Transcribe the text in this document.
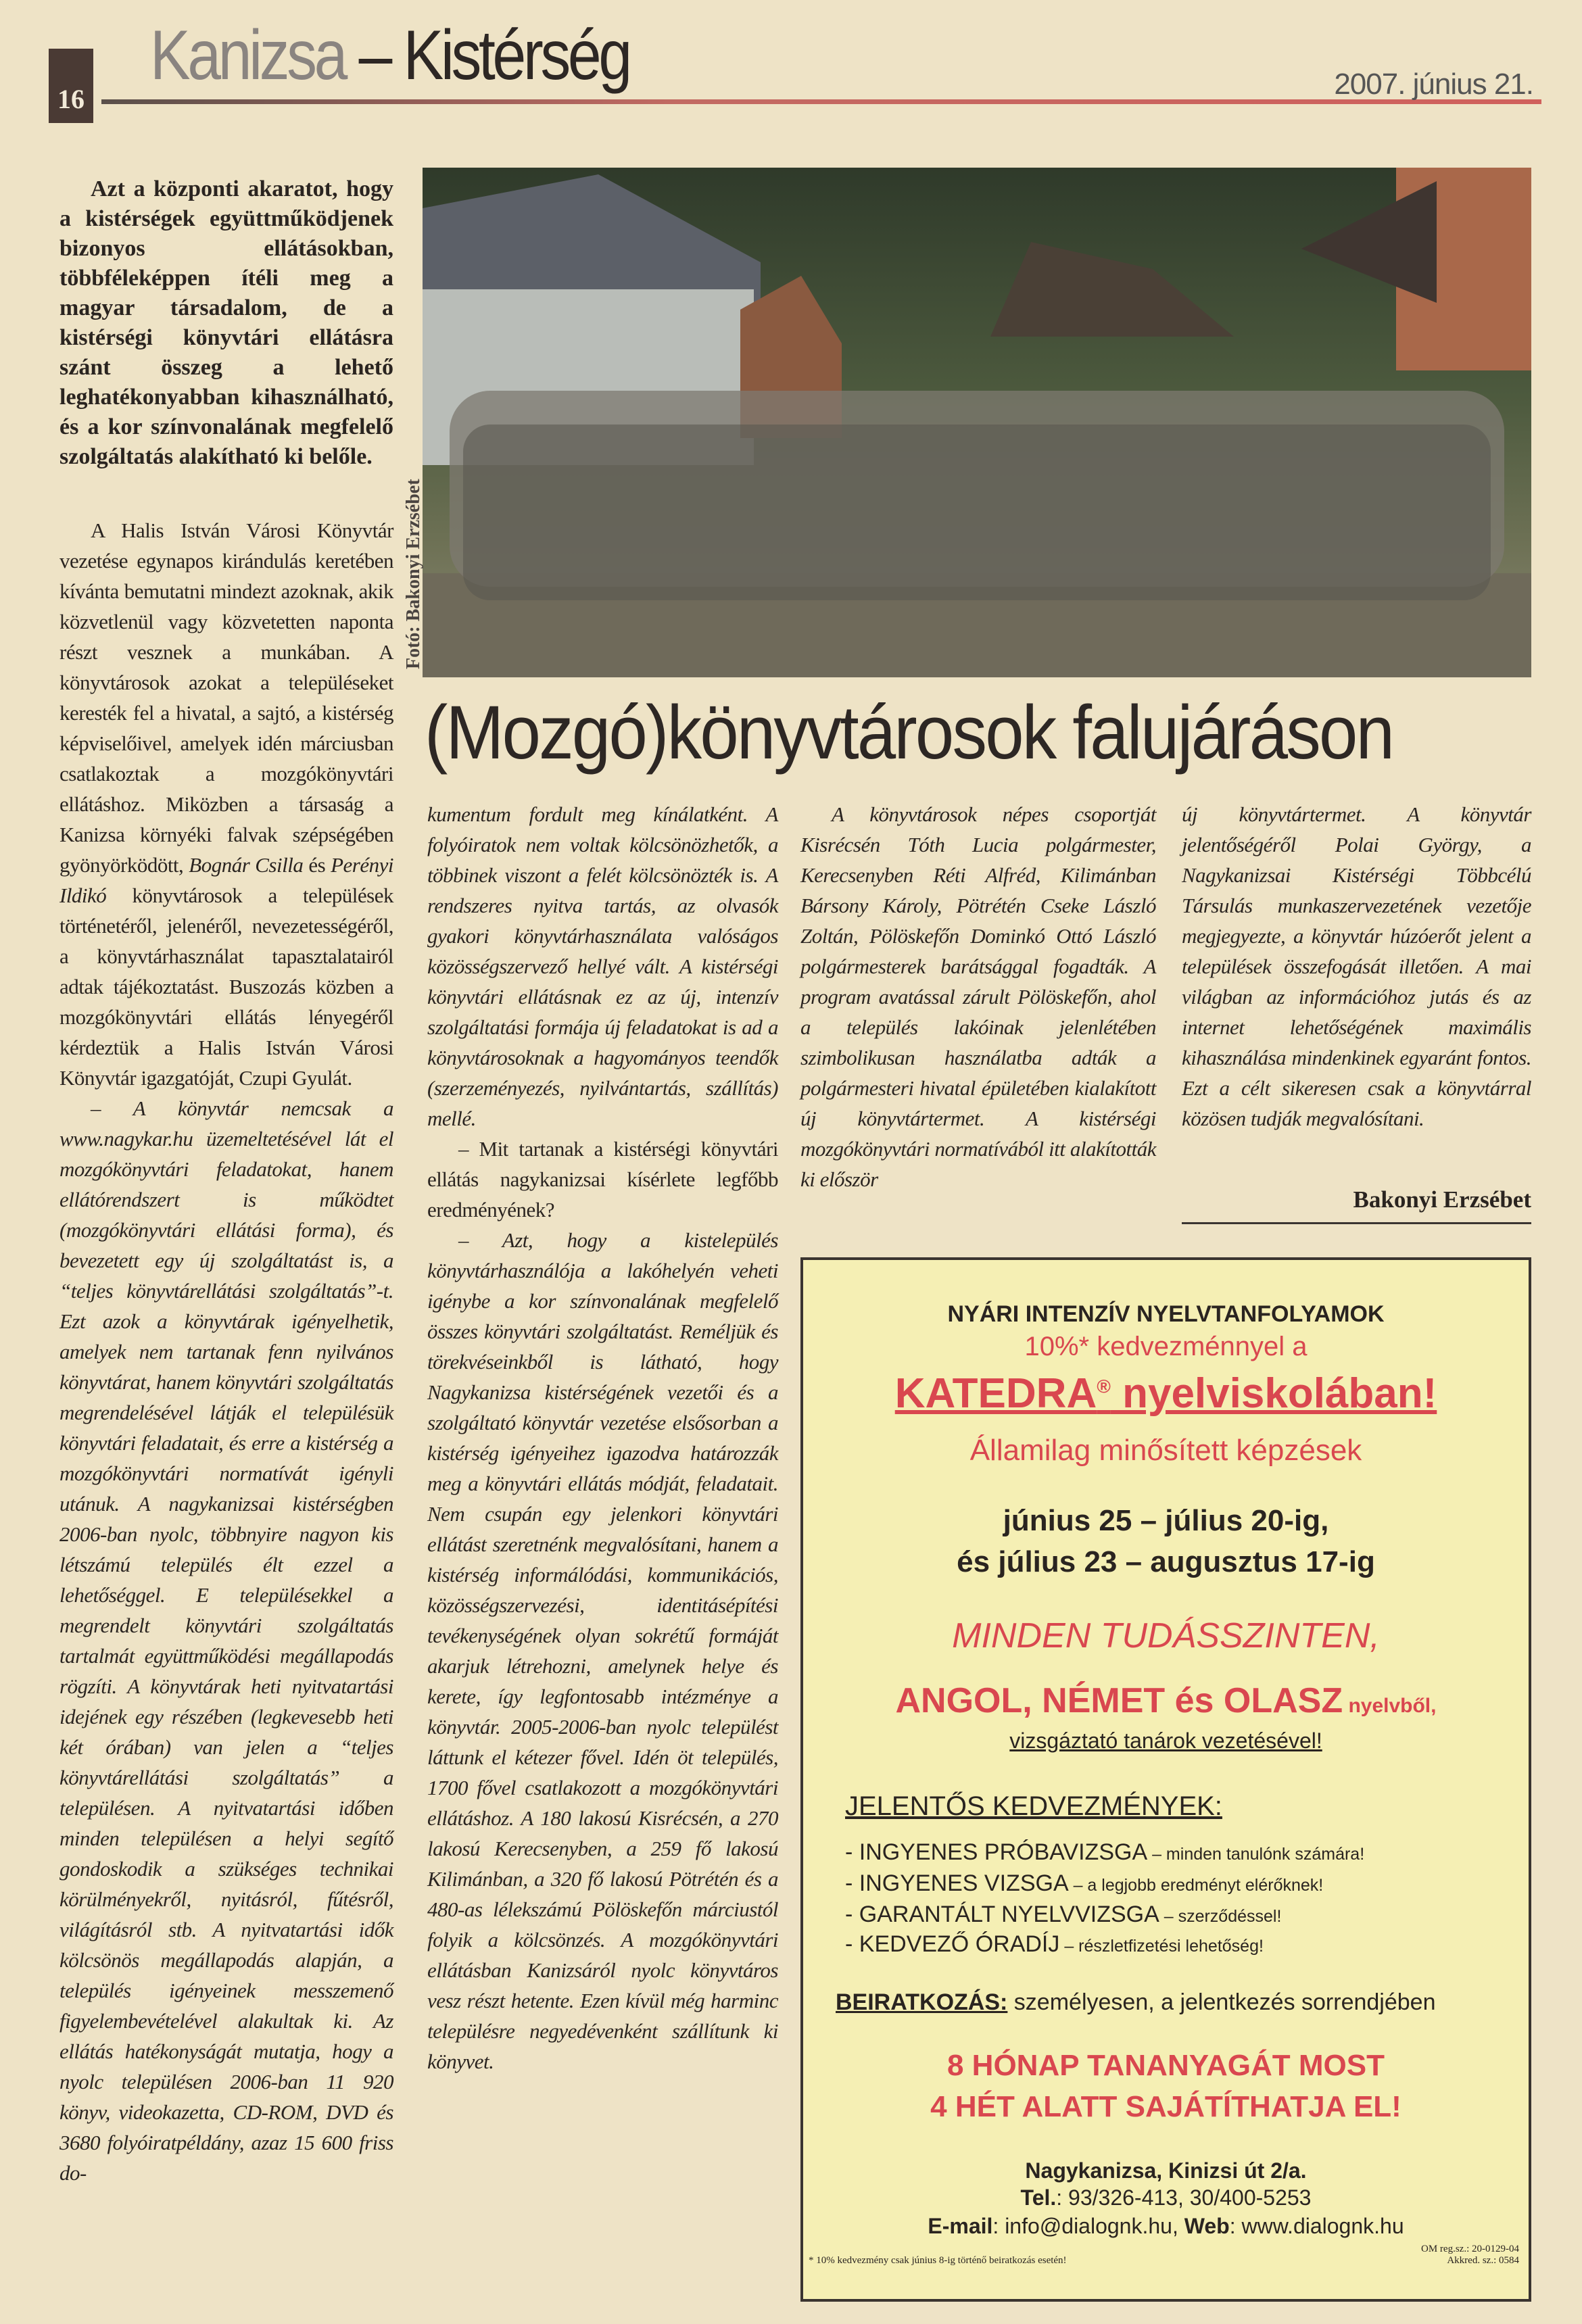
16
Kanizsa – Kistérség	2007. június 21.

Azt a központi akaratot, hogy a kistérségek együttműködjenek bizonyos ellátásokban, többféleképpen ítéli meg a magyar társadalom, de a kistérségi könyvtári ellátásra szánt összeg a lehető leghatékonyabban kihasználható, és a kor színvonalának megfelelő szolgáltatás alakítható ki belőle.

A Halis István Városi Könyvtár vezetése egynapos kirándulás keretében kívánta bemutatni mindezt azoknak, akik közvetlenül vagy közvetetten naponta részt vesznek a munkában. A könyvtárosok azokat a településeket keresték fel a hivatal, a sajtó, a kistérség képviselőivel, amelyek idén márciusban csatlakoztak a mozgókönyvtári ellátáshoz. Miközben a társaság a Kanizsa környéki falvak szépségében gyönyörködött, Bognár Csilla és Perényi Ildikó könyvtárosok a települések történetéről, jelenéről, nevezetességéről, a könyvtárhasználat tapasztalatairól adtak tájékoztatást. Buszozás közben a mozgókönyvtári ellátás lényegéről kérdeztük a Halis István Városi Könyvtár igazgatóját, Czupi Gyulát.

– A könyvtár nemcsak a www.nagykar.hu üzemeltetésével lát el mozgókönyvtári feladatokat, hanem ellátórendszert is működtet (mozgókönyvtári ellátási forma), és bevezetett egy új szolgáltatást is, a “teljes könyvtárellátási szolgáltatás”-t. Ezt azok a könyvtárak igényelhetik, amelyek nem tartanak fenn nyilvános könyvtárat, hanem könyvtári szolgáltatás megrendelésével látják el településük könyvtári feladatait, és erre a kistérség a mozgókönyvtári normatívát igényli utánuk. A nagykanizsai kistérségben 2006-ban nyolc, többnyire nagyon kis létszámú település élt ezzel a lehetőséggel. E településekkel a megrendelt könyvtári szolgáltatás tartalmát együttműködési megállapodás rögzíti. A könyvtárak heti nyitvatartási idejének egy részében (legkevesebb heti két órában) van jelen a “teljes könyvtárellátási szolgáltatás” a településen. A nyitvatartási időben minden településen a helyi segítő gondoskodik a szükséges technikai körülményekről, nyitásról, fűtésről, világításról stb. A nyitvatartási idők kölcsönös megállapodás alapján, a település igényeinek messzemenő figyelembevételével alakultak ki. Az ellátás hatékonyságát mutatja, hogy a nyolc településen 2006-ban 11 920 könyv, videokazetta, CD-ROM, DVD és 3680 folyóiratpéldány, azaz 15 600 friss do-

Fotó: Bakonyi Erzsébet
(Mozgó)könyvtárosok falujáráson

kumentum fordult meg kínálatként. A folyóiratok nem voltak kölcsönözhetők, a többinek viszont a felét kölcsönözték is. A rendszeres nyitva tartás, az olvasók gyakori könyvtárhasználata valóságos közösségszervező hellyé vált. A kistérségi könyvtári ellátásnak ez az új, intenzív szolgáltatási formája új feladatokat is ad a könyvtárosoknak a hagyományos teendők (szerzeményezés, nyilvántartás, szállítás) mellé.

– Mit tartanak a kistérségi könyvtári ellátás nagykanizsai kísérlete legfőbb eredményének?

– Azt, hogy a kistelepülés könyvtárhasználója a lakóhelyén veheti igénybe a kor színvonalának megfelelő összes könyvtári szolgáltatást. Reméljük és törekvéseinkből is látható, hogy Nagykanizsa kistérségének vezetői és a szolgáltató könyvtár vezetése elsősorban a kistérség igényeihez igazodva határozzák meg a könyvtári ellátás módját, feladatait. Nem csupán egy jelenkori könyvtári ellátást szeretnénk megvalósítani, hanem a kistérség informálódási, kommunikációs, közösségszervezési, identitásépítési tevékenységének olyan sokrétű formáját akarjuk létrehozni, amelynek helye és kerete, így legfontosabb intézménye a könyvtár. 2005-2006-ban nyolc települést láttunk el kétezer fővel. Idén öt település, 1700 fővel csatlakozott a mozgókönyvtári ellátáshoz. A 180 lakosú Kisrécsén, a 270 lakosú Kerecsenyben, a 259 fő lakosú Kilimánban, a 320 fő lakosú Pötrétén és a 480-as lélekszámú Pölöskefőn márciustól folyik a kölcsönzés. A mozgókönyvtári ellátásban Kanizsáról nyolc könyvtáros vesz részt hetente. Ezen kívül még harminc településre negyedévenként szállítunk ki könyvet.

A könyvtárosok népes csoportját Kisrécsén Tóth Lucia polgármester, Kerecsenyben Réti Alfréd, Kilimánban Bársony Károly, Pötrétén Cseke László Zoltán, Pölöskefőn Dominkó Ottó László polgármesterek barátsággal fogadták. A program avatással zárult Pölöskefőn, ahol a település lakóinak jelenlétében szimbolikusan használatba adták a polgármesteri hivatal épületében kialakított új könyvtártermet. A kistérségi mozgókönyvtári normatívából itt alakították ki először

új könyvtártermet. A könyvtár jelentőségéről Polai György, a Nagykanizsai Kistérségi Többcélú Társulás munkaszervezetének vezetője megjegyezte, a könyvtár húzóerőt jelent a települések összefogását illetően. A mai világban az információhoz jutás és az internet lehetőségének maximális kihasználása mindenkinek egyaránt fontos. Ezt a célt sikeresen csak a könyvtárral közösen tudják megvalósítani.

Bakonyi Erzsébet
NYÁRI INTENZÍV NYELVTANFOLYAMOK
10%* kedvezménnyel a
KATEDRA® nyelviskolában!
Államilag minősített képzések
június 25 – július 20-ig,
és július 23 – augusztus 17-ig
MINDEN TUDÁSSZINTEN,
ANGOL, NÉMET és OLASZ nyelvből,
vizsgáztató tanárok vezetésével!
JELENTŐS KEDVEZMÉNYEK:
- INGYENES PRÓBAVIZSGA – minden tanulónk számára!
- INGYENES VIZSGA – a legjobb eredményt elérőknek!
- GARANTÁLT NYELVVIZSGA – szerződéssel!
- KEDVEZŐ ÓRADÍJ – részletfizetési lehetőség!
BEIRATKOZÁS: személyesen, a jelentkezés sorrendjében
8 HÓNAP TANANYAGÁT MOST
4 HÉT ALATT SAJÁTÍTHATJA EL!
Nagykanizsa, Kinizsi út 2/a.
Tel.: 93/326-413, 30/400-5253
E-mail: info@dialognk.hu, Web: www.dialognk.hu
* 10% kedvezmény csak június 8-ig történő beiratkozás esetén!
OM reg.sz.: 20-0129-04
Akkred. sz.: 0584
